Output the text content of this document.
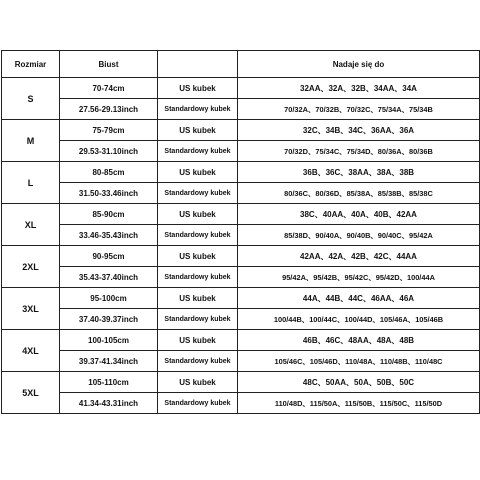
Rozmiar	Biust		Nadaje się do
S	70-74cm	US kubek	32AA、32A、32B、34AA、34A
	27.56-29.13inch	Standardowy kubek	70/32A、70/32B、70/32C、75/34A、75/34B
M	75-79cm	US kubek	32C、34B、34C、36AA、36A
	29.53-31.10inch	Standardowy kubek	70/32D、75/34C、75/34D、80/36A、80/36B
L	80-85cm	US kubek	36B、36C、38AA、38A、38B
	31.50-33.46inch	Standardowy kubek	80/36C、80/36D、85/38A、85/38B、85/38C
XL	85-90cm	US kubek	38C、40AA、40A、40B、42AA
	33.46-35.43inch	Standardowy kubek	85/38D、90/40A、90/40B、90/40C、95/42A
2XL	90-95cm	US kubek	42AA、42A、42B、42C、44AA
	35.43-37.40inch	Standardowy kubek	95/42A、95/42B、95/42C、95/42D、100/44A
3XL	95-100cm	US kubek	44A、44B、44C、46AA、46A
	37.40-39.37inch	Standardowy kubek	100/44B、100/44C、100/44D、105/46A、105/46B
4XL	100-105cm	US kubek	46B、46C、48AA、48A、48B
	39.37-41.34inch	Standardowy kubek	105/46C、105/46D、110/48A、110/48B、110/48C
5XL	105-110cm	US kubek	48C、50AA、50A、50B、50C
	41.34-43.31inch	Standardowy kubek	110/48D、115/50A、115/50B、115/50C、115/50D
